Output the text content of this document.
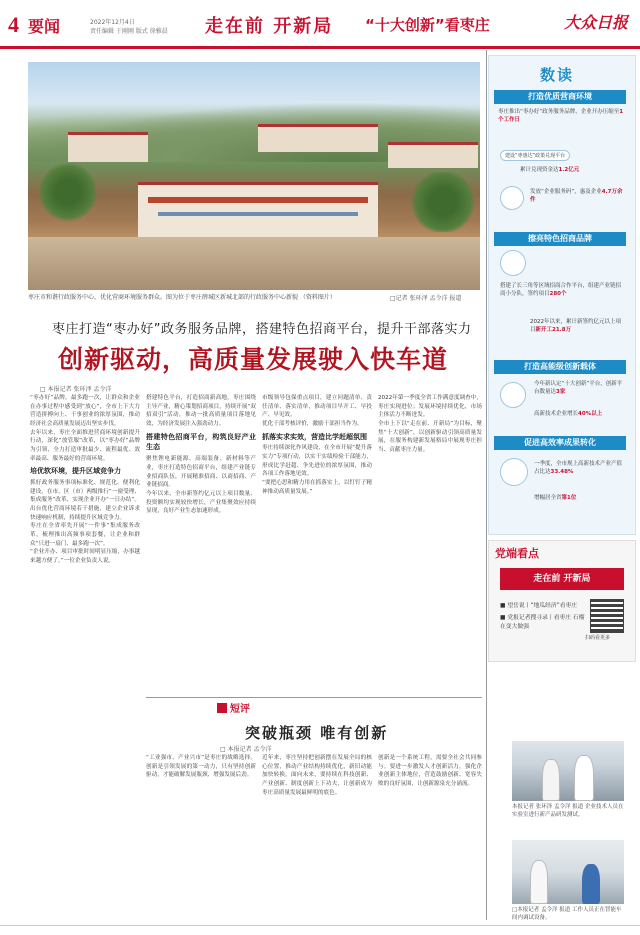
4 要闻	2022年12月4日
责任编辑 于刚刚 版式 徐雅晨	走在前 开新局 “十大创新”看枣庄	大众日报
枣庄市和谐行政服务中心，优化营商环境服务群众。图为位于枣庄薛城区新城北部的行政服务中心新貌 （资料图片）	□记者 张环泽 孟令洋 报道
枣庄打造“枣办好”政务服务品牌，搭建特色招商平台，提升干部落实力
创新驱动，高质量发展驶入快车道
□ 本报记者 张环泽 孟令洋
“枣办好”品牌，最多跑一次，让群众和企业在办事过程中感受到“放心”，全市上下大力营造拼搏向上、干事创业的浓厚氛围，推动经济社会高质量发展迈出坚实步伐。
去年以来，枣庄全面推进营商环境创新提升行动，深化“放管服”改革，以“枣办好”品牌为引领，全力打造审批最少、流程最优、效率最高、服务最好的营商环境。
培优软环境，提升区域竞争力
抓好政务服务事项标准化、规范化、便利化建设，在市、区（市）两级推行“一窗受理、集成服务”改革，实现企业开办“一日办结”。出台优化营商环境若干措施，建立企业诉求快速响应机制，持续提升区域竞争力。
枣庄在全省率先开展“一件事”集成服务改革，梳理推出高频事项套餐，让企业和群众“只进一扇门、最多跑一次”。
“企业开办、项目审批时间明显压缩，办事越来越方便了。”一位企业负责人说。
搭建特色平台，打造招商新高地。枣庄围绕主导产业，精心策划招商项目，持续开展“双招双引”活动，推动一批高质量项目落地见效，为经济发展注入强劲动力。
搭建特色招商平台，构筑良好产业生态
聚焦锂电新能源、高端装备、新材料等产业，枣庄打造特色招商平台，组建产业链专业招商队伍，开展精准招商、以商招商、产业链招商。
今年以来，全市新签约亿元以上项目数量、投资额均实现较快增长，产业集聚效应持续显现，良好产业生态加速形成。
市级领导包保重点项目，建立问题清单、责任清单、落实清单，推动项目早开工、早投产、早见效。
优化干部考核评价，激励干部担当作为。
抓落实求实效，营造比学赶超氛围
枣庄持续深化作风建设，在全市开展“提升落实力”专项行动，以实干实绩检验干部能力，形成比学赶超、争先进位的浓厚氛围，推动各项工作落地见效。
“要把心思和精力用在抓落实上，以钉钉子精神推动高质量发展。”
2022年第一季度全省工作满意度调查中，枣庄实现进位；发展环境持续优化，市场主体活力不断迸发。
全市上下以“走在前、开新局”为目标，聚焦“十大创新”，以创新驱动引领高质量发展，在服务构建新发展格局中展现枣庄担当、贡献枣庄力量。
短评
突破瓶颈 唯有创新
□ 本报记者 孟令洋
“工业强市、产业兴市”是枣庄的战略选择。创新是引领发展的第一动力，只有坚持创新驱动，才能破解发展瓶颈、增强发展后劲。
近年来，枣庄坚持把创新摆在发展全局的核心位置，推动产业结构持续优化，新旧动能加快转换。面向未来，要持续在科技创新、产业创新、制度创新上下功夫，让创新成为枣庄高质量发展最鲜明的底色。
创新是一个系统工程，需要全社会共同参与。要进一步激发人才创新活力，强化企业创新主体地位，营造鼓励创新、宽容失败的良好氛围，让创新源泉充分涌流。
本报记者 张环泽 孟令洋 报道 企业技术人员在实验室进行新产品研发测试。
□本报记者 孟令洋 报道 工作人员正在智能车间内调试设备。
数读
打造优质营商环境
枣庄推出“枣办好”政务服务品牌，企业开办压缩至1个工作日
建设“枣惠达”政策兑现平台
累计兑现资金达1.2亿元
发放“企业服务码”，惠及企业4.7万余件
擦亮特色招商品牌
搭建了长三角等区域招商合作平台，组建产业链招商小分队，签约项目280个
2022年以来，累计新签约亿元以上项目新开工21.8万
打造高能级创新载体
今年新认定“十大创新”平台，创新平台数量达3家
高新技术企业增长40%以上
促进高效率成果转化
一季度，全市规上高新技术产业产值占比达33.48%
增幅居全省第1位
党端看点
走在前 开新局
■ 望岳说丨“地瓜经济”看枣庄
■ 党报记者搜寻录丨看枣庄 石榴在变大做强
扫码看更多
